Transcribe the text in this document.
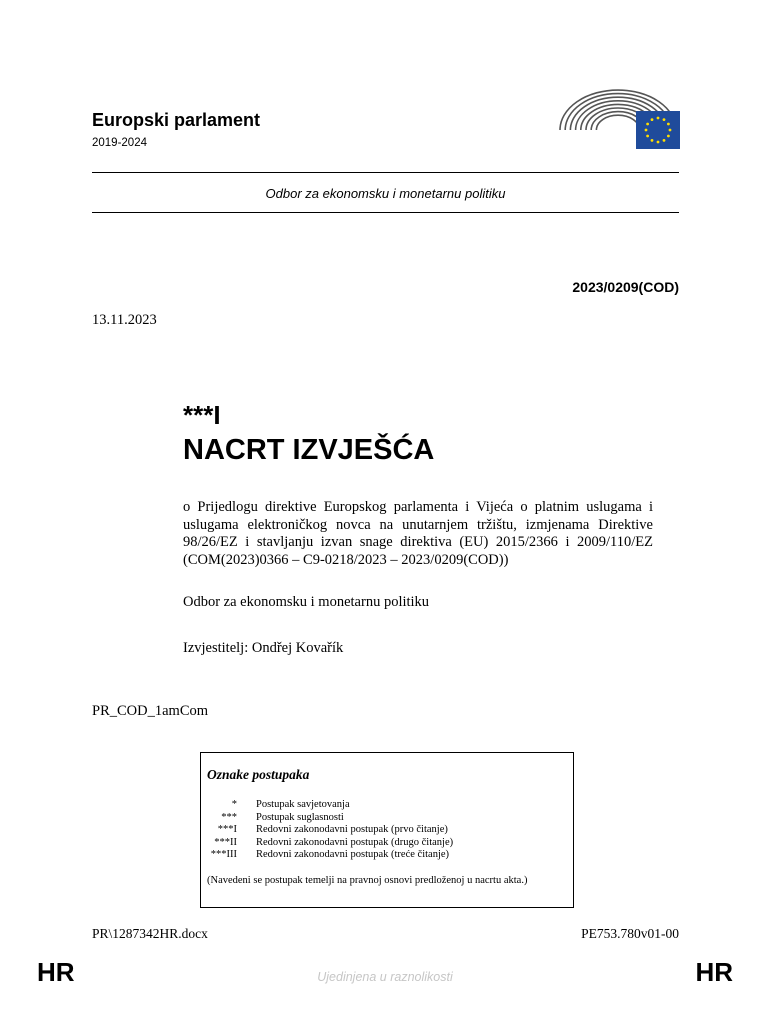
Europski parlament
2019-2024
Odbor za ekonomsku i monetarnu politiku
2023/0209(COD)
13.11.2023
***I
NACRT IZVJEŠĆA
o Prijedlogu direktive Europskog parlamenta i Vijeća o platnim uslugama i uslugama elektroničkog novca na unutarnjem tržištu, izmjenama Direktive 98/26/EZ i stavljanju izvan snage direktiva (EU) 2015/2366 i 2009/110/EZ (COM(2023)0366 – C9-0218/2023 – 2023/0209(COD))
Odbor za ekonomsku i monetarnu politiku
Izvjestitelj: Ondřej Kovařík
PR_COD_1amCom
Oznake postupaka
*	Postupak savjetovanja
***	Postupak suglasnosti
***I	Redovni zakonodavni postupak (prvo čitanje)
***II	Redovni zakonodavni postupak (drugo čitanje)
***III	Redovni zakonodavni postupak (treće čitanje)
(Navedeni se postupak temelji na pravnoj osnovi predloženoj u nacrtu akta.)
PR\1287342HR.docx	PE753.780v01-00
HR	Ujedinjena u raznolikosti	HR
